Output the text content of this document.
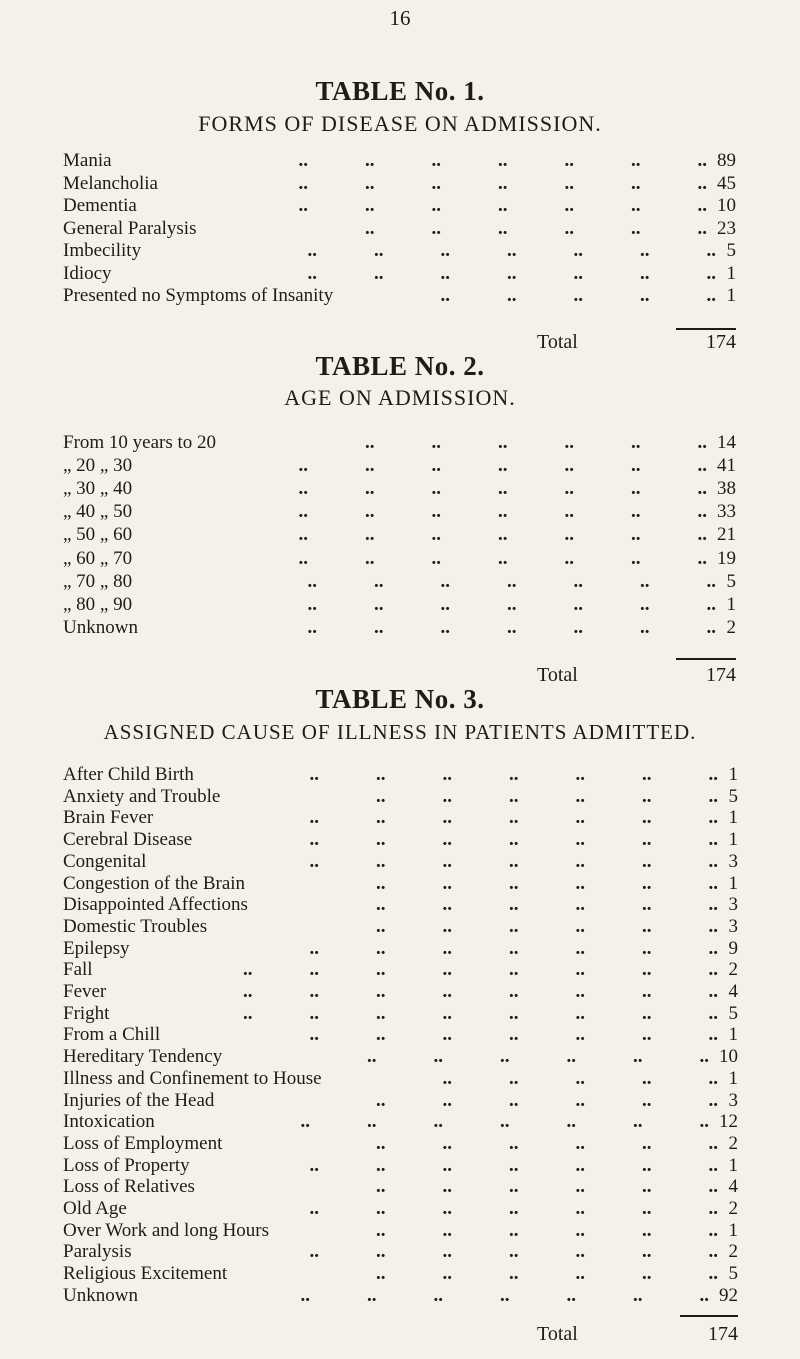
16
TABLE No. 1.
FORMS OF DISEASE ON ADMISSION.
Mania	..   ..   ..   ..   ..   ..   .. 89
Melancholia	..   ..   ..   ..   ..   ..   .. 45
Dementia	..   ..   ..   ..   ..   ..   .. 10
General Paralysis	..   ..   ..   ..   ..   .. 23
Imbecility	..   ..   ..   ..   ..   ..   .. 5
Idiocy	..   ..   ..   ..   ..   ..   .. 1
Presented no Symptoms of Insanity	..   ..   ..   ..   .. 1
Total	174
TABLE No. 2.
AGE ON ADMISSION.
From 10 years to 20	..   ..   ..   ..   ..   .. 14
„ 20 „ 30	..   ..   ..   ..   ..   ..   .. 41
„ 30 „ 40	..   ..   ..   ..   ..   ..   .. 38
„ 40 „ 50	..   ..   ..   ..   ..   ..   .. 33
„ 50 „ 60	..   ..   ..   ..   ..   ..   .. 21
„ 60 „ 70	..   ..   ..   ..   ..   ..   .. 19
„ 70 „ 80	..   ..   ..   ..   ..   ..   .. 5
„ 80 „ 90	..   ..   ..   ..   ..   ..   .. 1
Unknown	..   ..   ..   ..   ..   ..   .. 2
Total	174
TABLE No. 3.
ASSIGNED CAUSE OF ILLNESS IN PATIENTS ADMITTED.
After Child Birth	..   ..   ..   ..   ..   ..   .. 1
Anxiety and Trouble	..   ..   ..   ..   ..   .. 5
Brain Fever	..   ..   ..   ..   ..   ..   .. 1
Cerebral Disease	..   ..   ..   ..   ..   ..   .. 1
Congenital	..   ..   ..   ..   ..   ..   .. 3
Congestion of the Brain	..   ..   ..   ..   ..   .. 1
Disappointed Affections	..   ..   ..   ..   ..   .. 3
Domestic Troubles	..   ..   ..   ..   ..   .. 3
Epilepsy	..   ..   ..   ..   ..   ..   .. 9
Fall	..   ..   ..   ..   ..   ..   ..   .. 2
Fever	..   ..   ..   ..   ..   ..   ..   .. 4
Fright	..   ..   ..   ..   ..   ..   ..   .. 5
From a Chill	..   ..   ..   ..   ..   ..   .. 1
Hereditary Tendency	..   ..   ..   ..   ..   .. 10
Illness and Confinement to House	..   ..   ..   ..   .. 1
Injuries of the Head	..   ..   ..   ..   ..   .. 3
Intoxication	..   ..   ..   ..   ..   ..   .. 12
Loss of Employment	..   ..   ..   ..   ..   .. 2
Loss of Property	..   ..   ..   ..   ..   ..   .. 1
Loss of Relatives	..   ..   ..   ..   ..   .. 4
Old Age	..   ..   ..   ..   ..   ..   .. 2
Over Work and long Hours	..   ..   ..   ..   ..   .. 1
Paralysis	..   ..   ..   ..   ..   ..   .. 2
Religious Excitement	..   ..   ..   ..   ..   .. 5
Unknown	..   ..   ..   ..   ..   ..   .. 92
Total	174
